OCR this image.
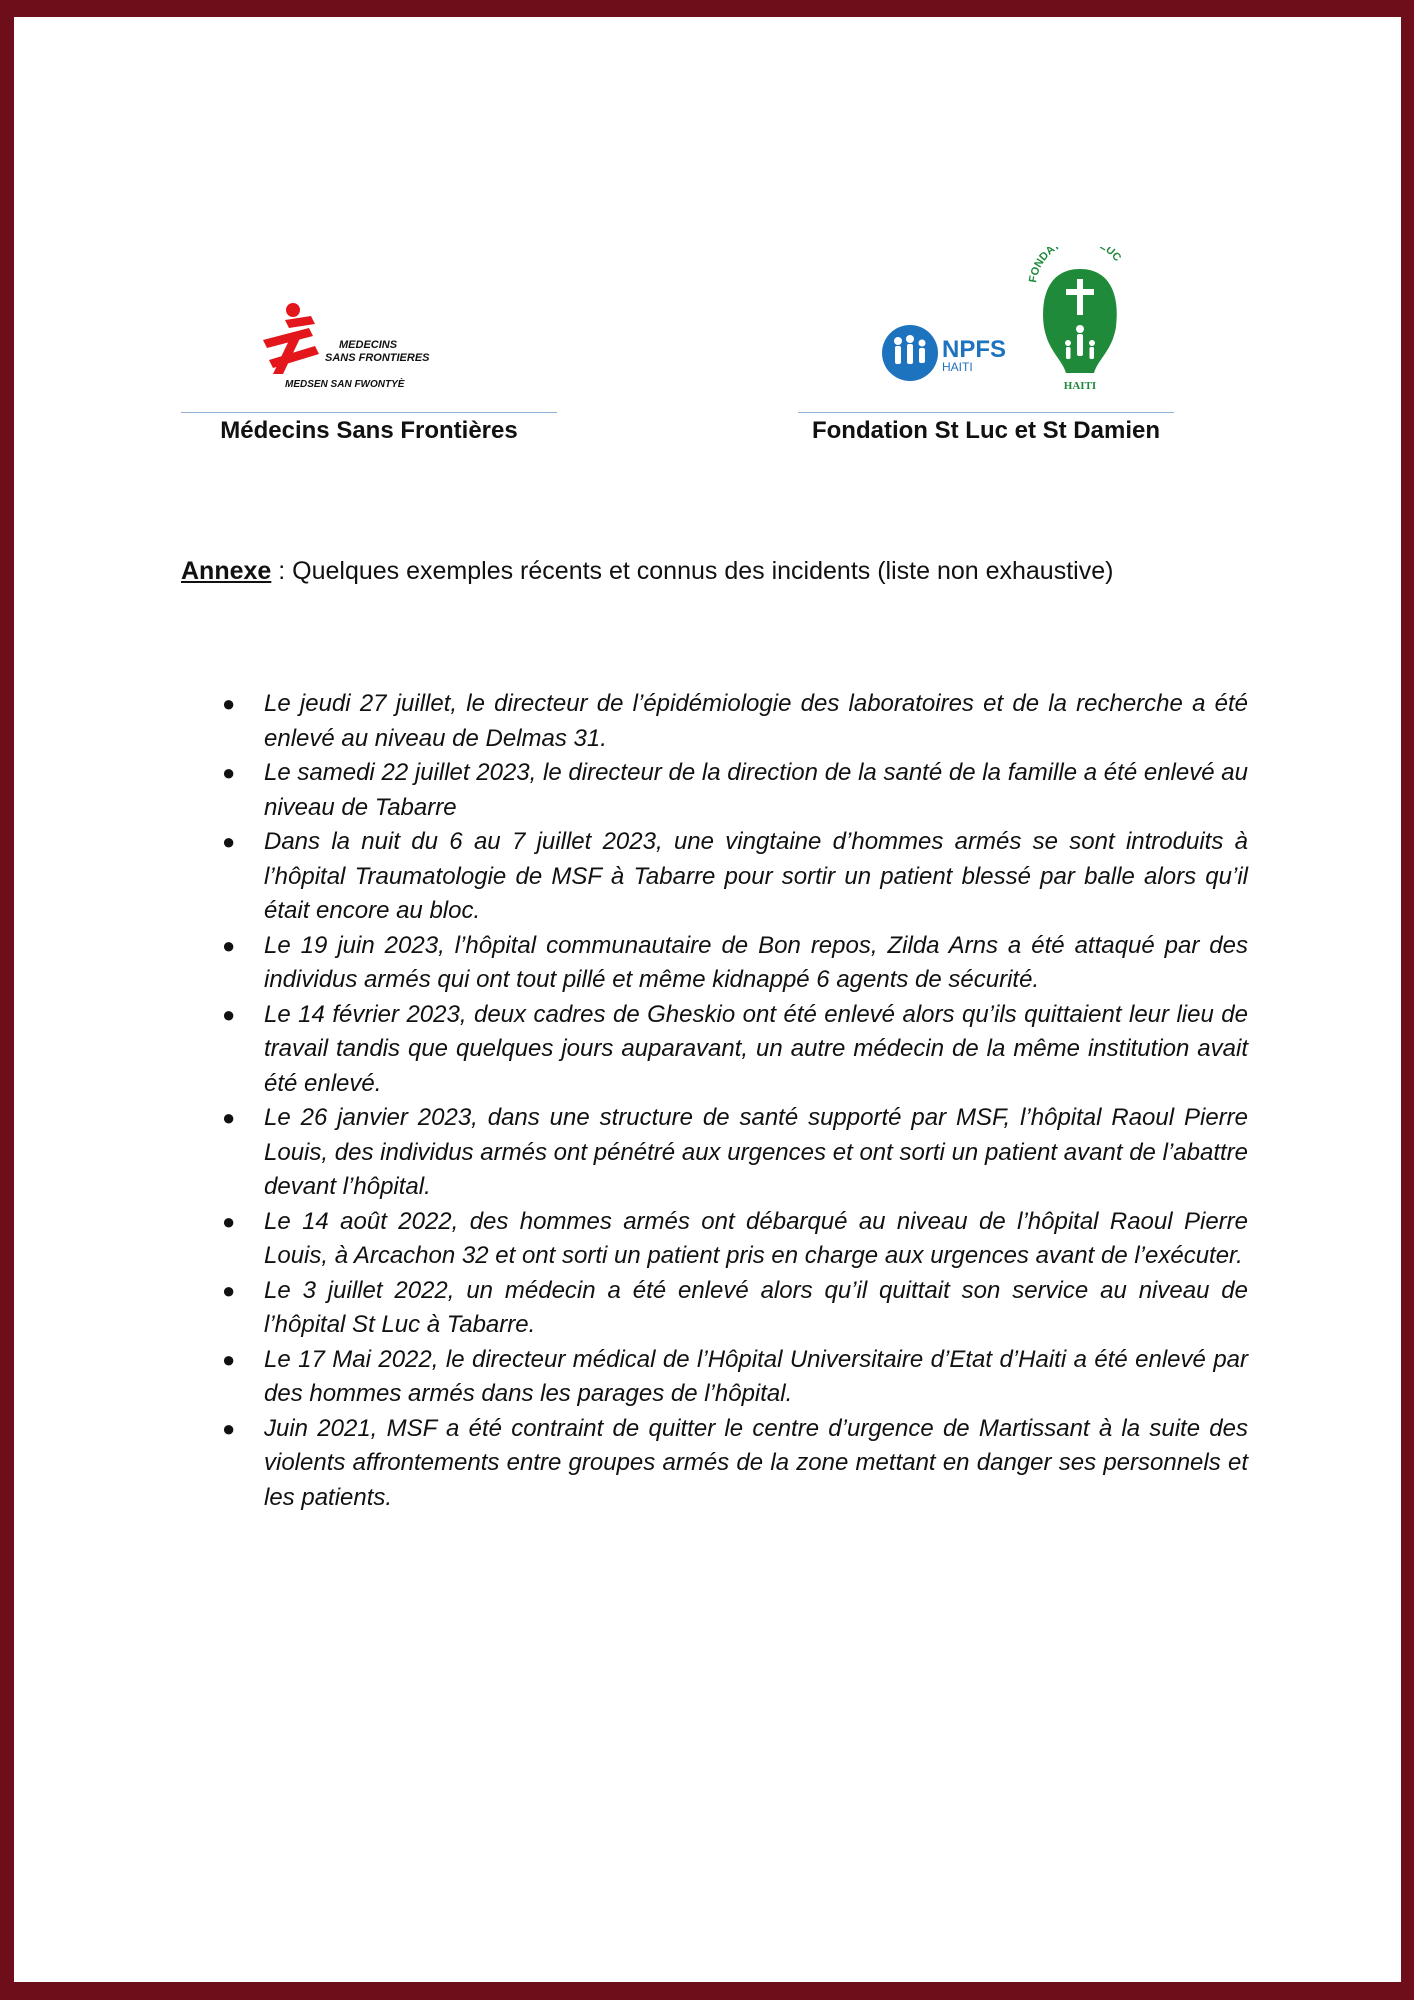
MEDECINS
SANS FRONTIERES
MEDSEN SAN FWONTYÈ
Médecins Sans Frontières
NPFS
HAITI
FONDA UC
HAITI
Fondation St Luc et St Damien
Annexe : Quelques exemples récents et connus des incidents (liste non exhaustive)
● Le jeudi 27 juillet, le directeur de l’épidémiologie des laboratoires et de la recherche a été enlevé au niveau de Delmas 31.
● Le samedi 22 juillet 2023, le directeur de la direction de la santé de la famille a été enlevé au niveau de Tabarre
● Dans la nuit du 6 au 7 juillet 2023, une vingtaine d’hommes armés se sont introduits à l’hôpital Traumatologie de MSF à Tabarre pour sortir un patient blessé par balle alors qu’il était encore au bloc.
● Le 19 juin 2023, l’hôpital communautaire de Bon repos, Zilda Arns a été attaqué par des individus armés qui ont tout pillé et même kidnappé 6 agents de sécurité.
● Le 14 février 2023, deux cadres de Gheskio ont été enlevé alors qu’ils quittaient leur lieu de travail tandis que quelques jours auparavant, un autre médecin de la même institution avait été enlevé.
● Le 26 janvier 2023, dans une structure de santé supporté par MSF, l’hôpital Raoul Pierre Louis, des individus armés ont pénétré aux urgences et ont sorti un patient avant de l’abattre devant l’hôpital.
● Le 14 août 2022, des hommes armés ont débarqué au niveau de l’hôpital Raoul Pierre Louis, à Arcachon 32 et ont sorti un patient pris en charge aux urgences avant de l’exécuter.
● Le 3 juillet 2022, un médecin a été enlevé alors qu’il quittait son service au niveau de l’hôpital St Luc à Tabarre.
● Le 17 Mai 2022, le directeur médical de l’Hôpital Universitaire d’Etat d’Haiti a été enlevé par des hommes armés dans les parages de l’hôpital.
● Juin 2021, MSF a été contraint de quitter le centre d’urgence de Martissant à la suite des violents affrontements entre groupes armés de la zone mettant en danger ses personnels et les patients.
